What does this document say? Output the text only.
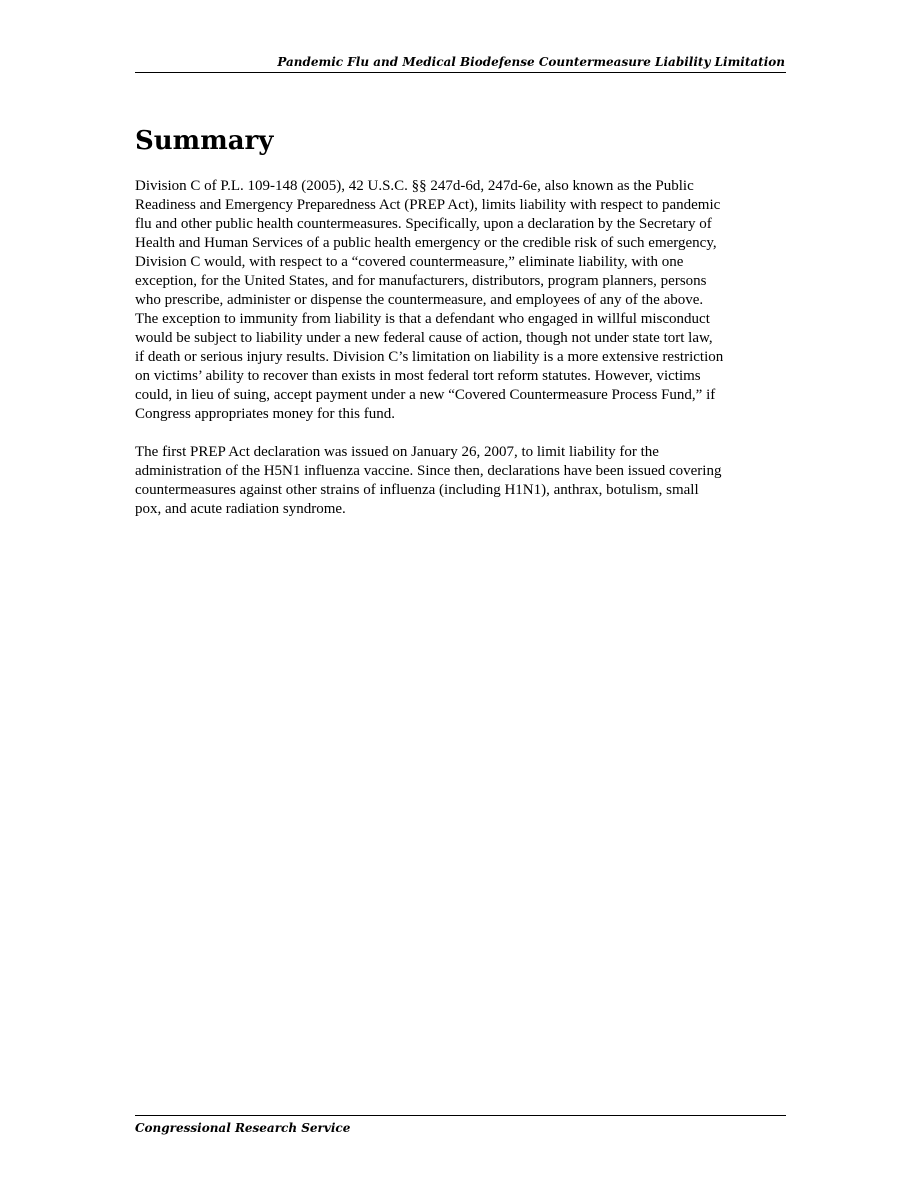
Pandemic Flu and Medical Biodefense Countermeasure Liability Limitation
Summary

Division C of P.L. 109-148 (2005), 42 U.S.C. §§ 247d-6d, 247d-6e, also known as the Public
Readiness and Emergency Preparedness Act (PREP Act), limits liability with respect to pandemic
flu and other public health countermeasures. Specifically, upon a declaration by the Secretary of
Health and Human Services of a public health emergency or the credible risk of such emergency,
Division C would, with respect to a “covered countermeasure,” eliminate liability, with one
exception, for the United States, and for manufacturers, distributors, program planners, persons
who prescribe, administer or dispense the countermeasure, and employees of any of the above.
The exception to immunity from liability is that a defendant who engaged in willful misconduct
would be subject to liability under a new federal cause of action, though not under state tort law,
if death or serious injury results. Division C’s limitation on liability is a more extensive restriction
on victims’ ability to recover than exists in most federal tort reform statutes. However, victims
could, in lieu of suing, accept payment under a new “Covered Countermeasure Process Fund,” if
Congress appropriates money for this fund.

The first PREP Act declaration was issued on January 26, 2007, to limit liability for the
administration of the H5N1 influenza vaccine. Since then, declarations have been issued covering
countermeasures against other strains of influenza (including H1N1), anthrax, botulism, small
pox, and acute radiation syndrome.

Congressional Research Service
